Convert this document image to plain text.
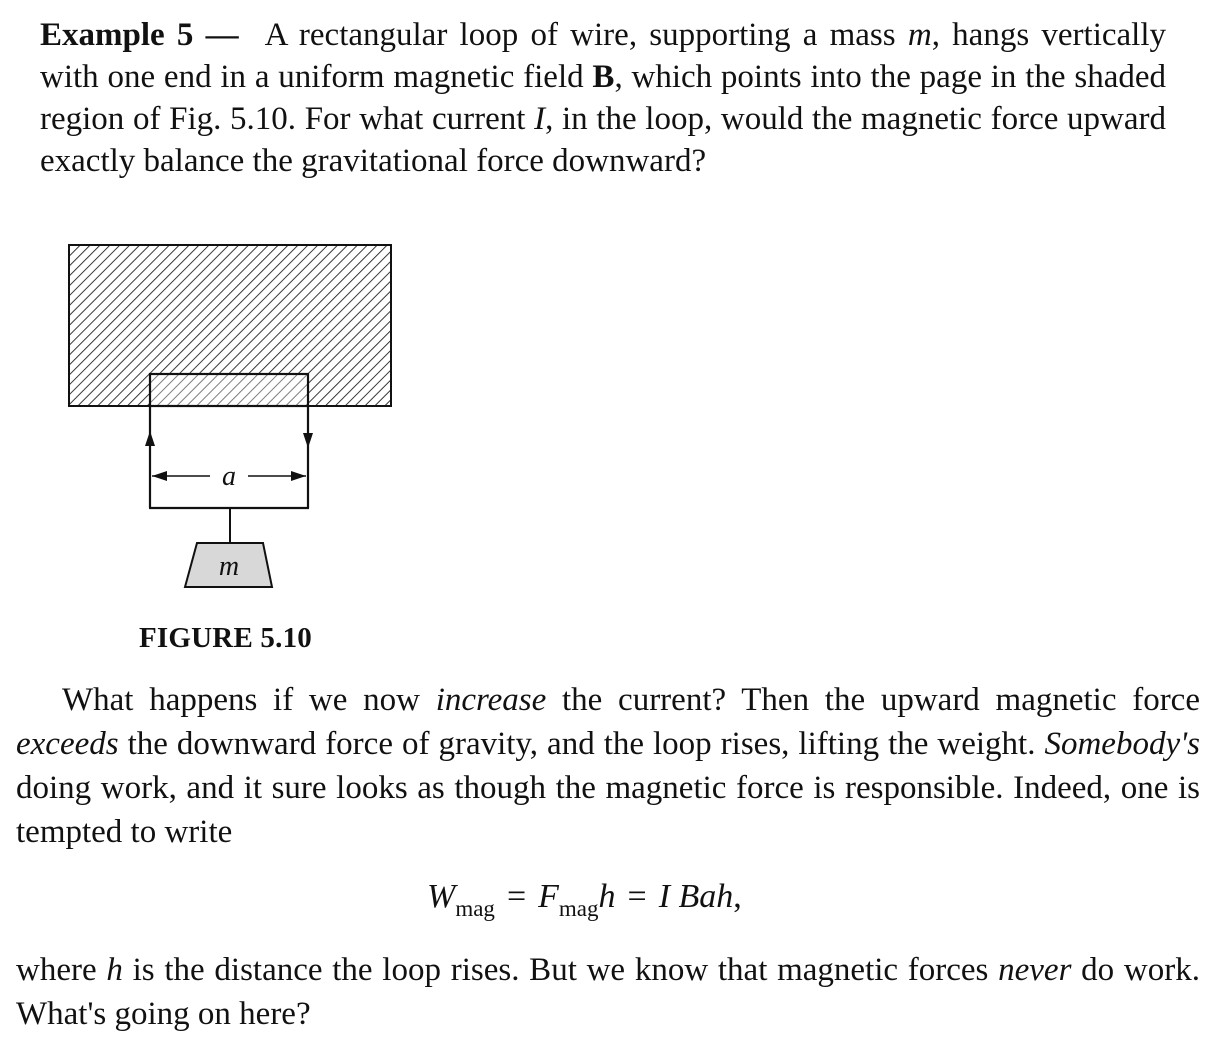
Example 5 — A rectangular loop of wire, supporting a mass m, hangs vertically with one end in a uniform magnetic field B, which points into the page in the shaded region of Fig. 5.10. For what current I, in the loop, would the magnetic force upward exactly balance the gravitational force downward?
a
m
FIGURE 5.10

What happens if we now increase the current? Then the upward magnetic force exceeds the downward force of gravity, and the loop rises, lifting the weight. Somebody's doing work, and it sure looks as though the magnetic force is responsible. Indeed, one is tempted to write

$W_{mag} = F_{mag}h = I$ Bah,

where h is the distance the loop rises. But we know that magnetic forces never do work. What's going on here?
